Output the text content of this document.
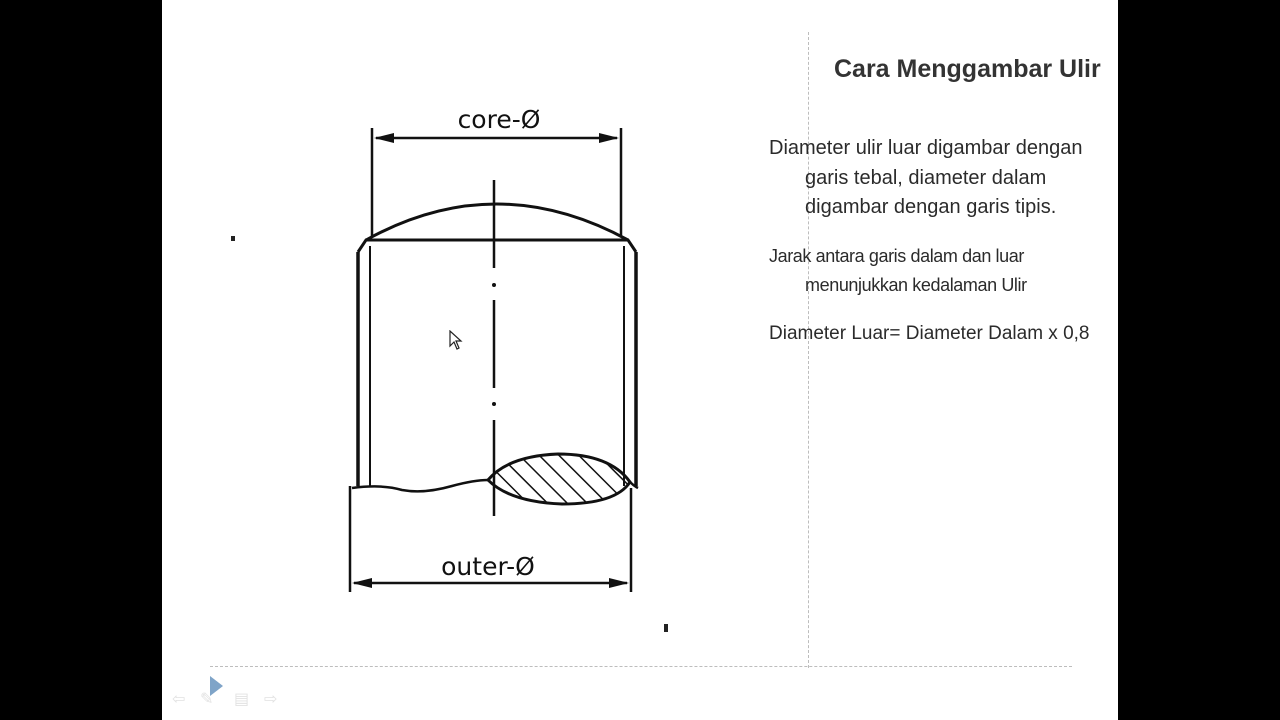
core-Ø
outer-Ø
Cara Menggambar Ulir

Diameter ulir luar digambar dengan garis tebal, diameter dalam digambar dengan garis tipis.

Jarak antara garis dalam dan luar menunjukkan kedalaman Ulir

Diameter Luar= Diameter Dalam x 0,8

⇦ ✎ ▤ ⇨
